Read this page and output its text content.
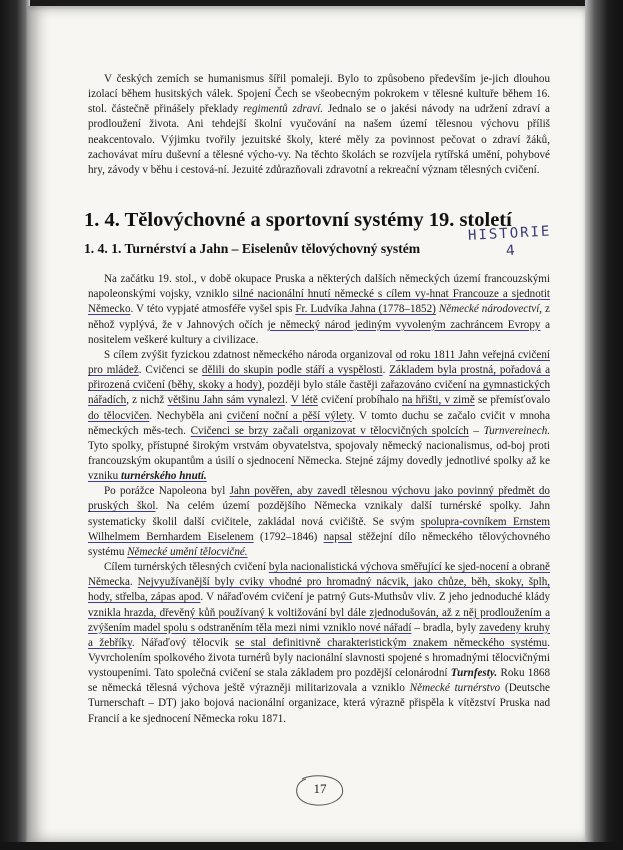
V českých zemích se humanismus šířil pomaleji. Bylo to způsobeno především je-jich dlouhou izolací během husitských válek. Spojení Čech se všeobecným pokrokem v tělesné kultuře během 16. stol. částečně přinášely překlady regimentů zdraví. Jednalo se o jakési návody na udržení zdraví a prodloužení života. Ani tehdejší školní vyučování na našem území tělesnou výchovu příliš neakcentovalo. Výjimku tvořily jezuitské školy, které měly za povinnost pečovat o zdraví žáků, zachovávat míru duševní a tělesné výcho-vy. Na těchto školách se rozvíjela rytířská umění, pohybové hry, závody v běhu i cestová-ní. Jezuité zdůrazňovali zdravotní a rekreační význam tělesných cvičení.

1. 4. Tělovýchovné a sportovní systémy 19. století
1. 4. 1. Turnérství a Jahn – Eiselenův tělovýchovný systém

Na začátku 19. stol., v době okupace Pruska a některých dalších německých území francouzskými napoleonskými vojsky, vzniklo silné nacionální hnutí německé s cílem vy-hnat Francouze a sjednotit Německo. V této vypjaté atmosféře vyšel spis Fr. Ludvíka Jahna (1778–1852) Německé národovectví, z něhož vyplývá, že v Jahnových očích je německý národ jediným vyvoleným zachráncem Evropy a nositelem veškeré kultury a civilizace.

S cílem zvýšit fyzickou zdatnost německého národa organizoval od roku 1811 Jahn veřejná cvičení pro mládež. Cvičenci se dělili do skupin podle stáří a vyspělosti. Základem byla prostná, pořadová a přirozená cvičení (běhy, skoky a hody), později bylo stále častěji zařazováno cvičení na gymnastických nářadích, z nichž většinu Jahn sám vynalezl. V létě cvičení probíhalo na hřišti, v zimě se přemísťovalo do tělocvičen. Nechyběla ani cvičení noční a pěší výlety. V tomto duchu se začalo cvičit v mnoha německých měs-tech. Cvičenci se brzy začali organizovat v tělocvičných spolcích – Turnvereinech. Tyto spolky, přístupné širokým vrstvám obyvatelstva, spojovaly německý nacionalismus, od-boj proti francouzským okupantům a úsilí o sjednocení Německa. Stejné zájmy dovedly jednotlivé spolky až ke vzniku turnérského hnutí.

Po porážce Napoleona byl Jahn pověřen, aby zavedl tělesnou výchovu jako povinný předmět do pruských škol. Na celém území pozdějšího Německa vznikaly další turnérské spolky. Jahn systematicky školil další cvičitele, zakládal nová cvičiště. Se svým spolupra-covníkem Ernstem Wilhelmem Bernhardem Eiselenem (1792–1846) napsal stěžejní dílo německého tělovýchovného systému Německé umění tělocvičné.

Cílem turnérských tělesných cvičení byla nacionalistická výchova směřující ke sjed-nocení a obraně Německa. Nejvyužívanější byly cviky vhodné pro hromadný nácvik, jako chůze, běh, skoky, šplh, hody, střelba, zápas apod. V nářaďovém cvičení je patrný Guts-Muthsův vliv. Z jeho jednoduché klády vznikla hrazda, dřevěný kůň používaný k voltižování byl dále zjednodušován, až z něj prodloužením a zvýšením madel spolu s odstraněním těla mezi nimi vzniklo nové nářadí – bradla, byly zavedeny kruhy a žebříky. Nářaďový tělocvik se stal definitivně charakteristickým znakem německého systému. Vyvrcholením spolkového života turnérů byly nacionální slavnosti spojené s hromadnými tělocvičnými vystoupeními. Tato společná cvičení se stala základem pro pozdější celonárodní Turnfesty. Roku 1868 se německá tělesná výchova ještě výrazněji militarizovala a vzniklo Německé turnérstvo (Deutsche Turnerschaft – DT) jako bojová nacionální organizace, která výrazně přispěla k vítězství Pruska nad Francií a ke sjednocení Německa roku 1871.

HISTORIE
4
17
